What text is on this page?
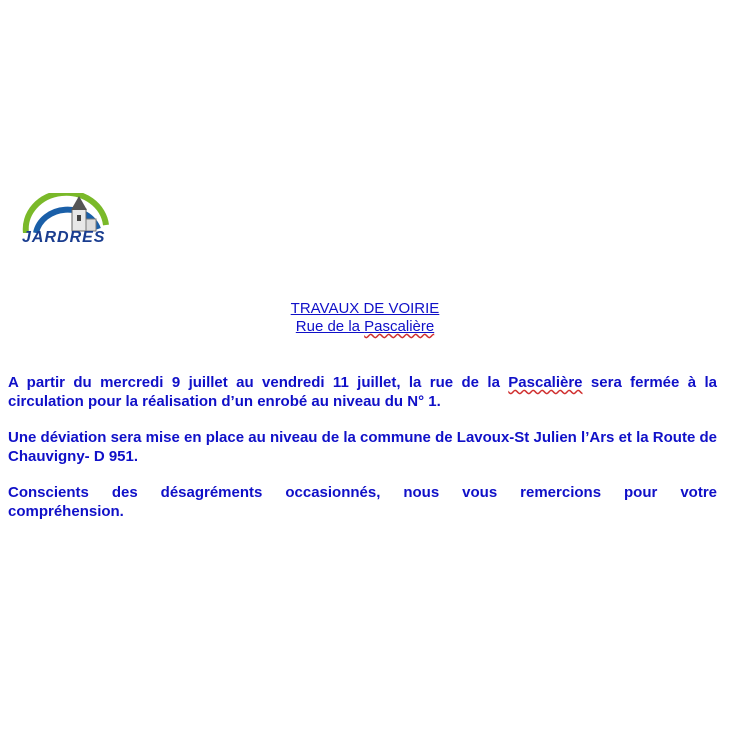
JARDRES
TRAVAUX DE VOIRIE
Rue de la Pascalière
A partir du mercredi 9 juillet au vendredi 11 juillet, la rue de la Pascalière sera fermée à la circulation pour la réalisation d’un enrobé au niveau du N° 1.
Une déviation sera mise en place au niveau de la commune de Lavoux-St Julien l’Ars et la Route de Chauvigny- D 951.
Conscients des désagréments occasionnés, nous vous remercions pour votre
compréhension.
